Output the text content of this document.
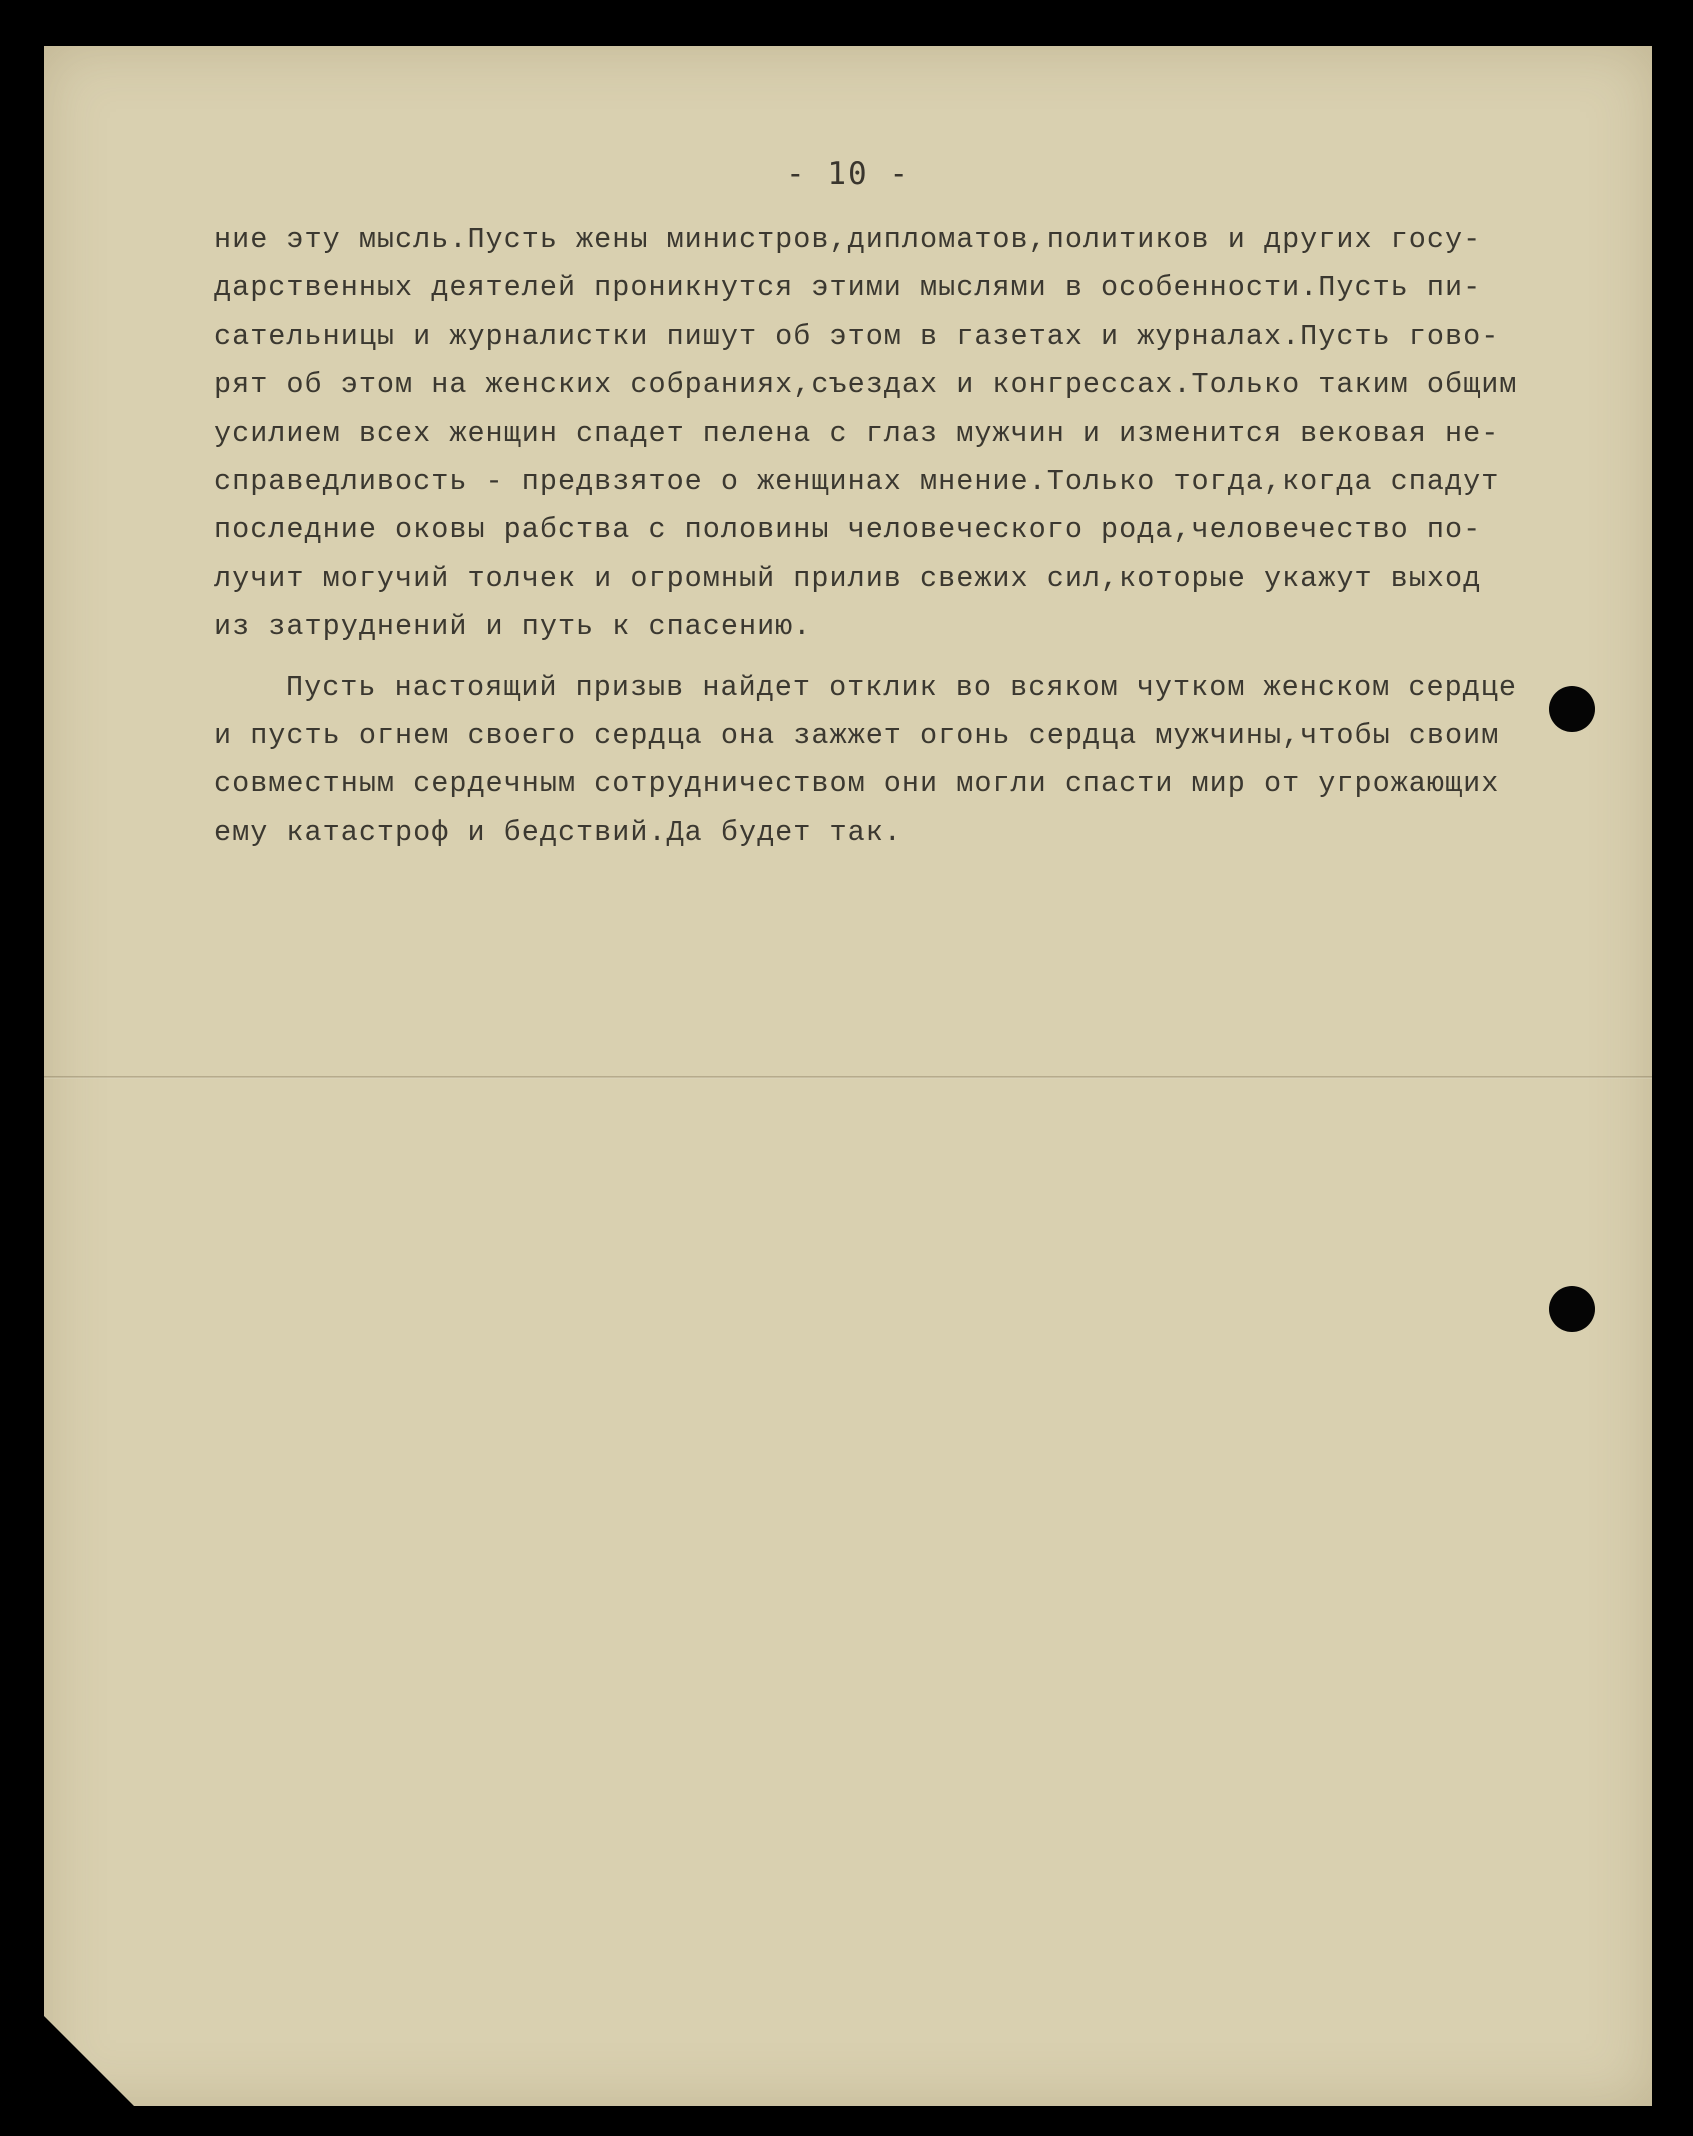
- 10 -
ние эту мысль.Пусть жены министров,дипломатов,политиков и других госу-
дарственных деятелей проникнутся этими мыслями в особенности.Пусть пи-
сательницы и журналистки пишут об этом в газетах и журналах.Пусть гово-
рят об этом на женских собраниях,съездах и конгрессах.Только таким общим
усилием всех женщин спадет пелена с глаз мужчин и изменится вековая не-
справедливость - предвзятое о женщинах мнение.Только тогда,когда спадут
последние оковы рабства с половины человеческого рода,человечество по-
лучит могучий толчек и огромный прилив свежих сил,которые укажут выход
из затруднений и путь к спасению.
Пусть настоящий призыв найдет отклик во всяком чутком женском сердце
и пусть огнем своего сердца она зажжет огонь сердца мужчины,чтобы своим
совместным сердечным сотрудничеством они могли спасти мир от угрожающих
ему катастроф и бедствий.Да будет так.
